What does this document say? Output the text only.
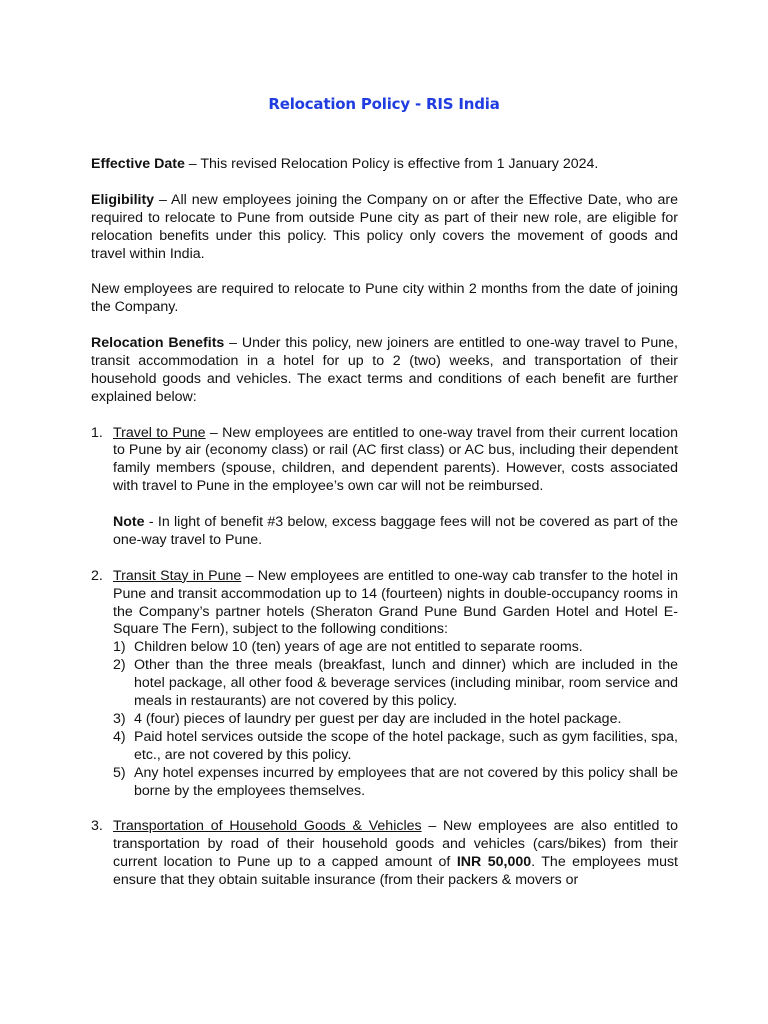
Relocation Policy - RIS India

Effective Date – This revised Relocation Policy is effective from 1 January 2024.

Eligibility – All new employees joining the Company on or after the Effective Date, who are required to relocate to Pune from outside Pune city as part of their new role, are eligible for relocation benefits under this policy. This policy only covers the movement of goods and travel within India.

New employees are required to relocate to Pune city within 2 months from the date of joining the Company.

Relocation Benefits – Under this policy, new joiners are entitled to one-way travel to Pune, transit accommodation in a hotel for up to 2 (two) weeks, and transportation of their household goods and vehicles. The exact terms and conditions of each benefit are further explained below:

1. Travel to Pune – New employees are entitled to one-way travel from their current location to Pune by air (economy class) or rail (AC first class) or AC bus, including their dependent family members (spouse, children, and dependent parents). However, costs associated with travel to Pune in the employee’s own car will not be reimbursed.

Note - In light of benefit #3 below, excess baggage fees will not be covered as part of the one-way travel to Pune.

2. Transit Stay in Pune – New employees are entitled to one-way cab transfer to the hotel in Pune and transit accommodation up to 14 (fourteen) nights in double-occupancy rooms in the Company’s partner hotels (Sheraton Grand Pune Bund Garden Hotel and Hotel E-Square The Fern), subject to the following conditions:

1) Children below 10 (ten) years of age are not entitled to separate rooms.
2) Other than the three meals (breakfast, lunch and dinner) which are included in the hotel package, all other food & beverage services (including minibar, room service and meals in restaurants) are not covered by this policy.
3) 4 (four) pieces of laundry per guest per day are included in the hotel package.
4) Paid hotel services outside the scope of the hotel package, such as gym facilities, spa, etc., are not covered by this policy.
5) Any hotel expenses incurred by employees that are not covered by this policy shall be borne by the employees themselves.
3. Transportation of Household Goods & Vehicles – New employees are also entitled to transportation by road of their household goods and vehicles (cars/bikes) from their current location to Pune up to a capped amount of INR 50,000. The employees must ensure that they obtain suitable insurance (from their packers & movers or
